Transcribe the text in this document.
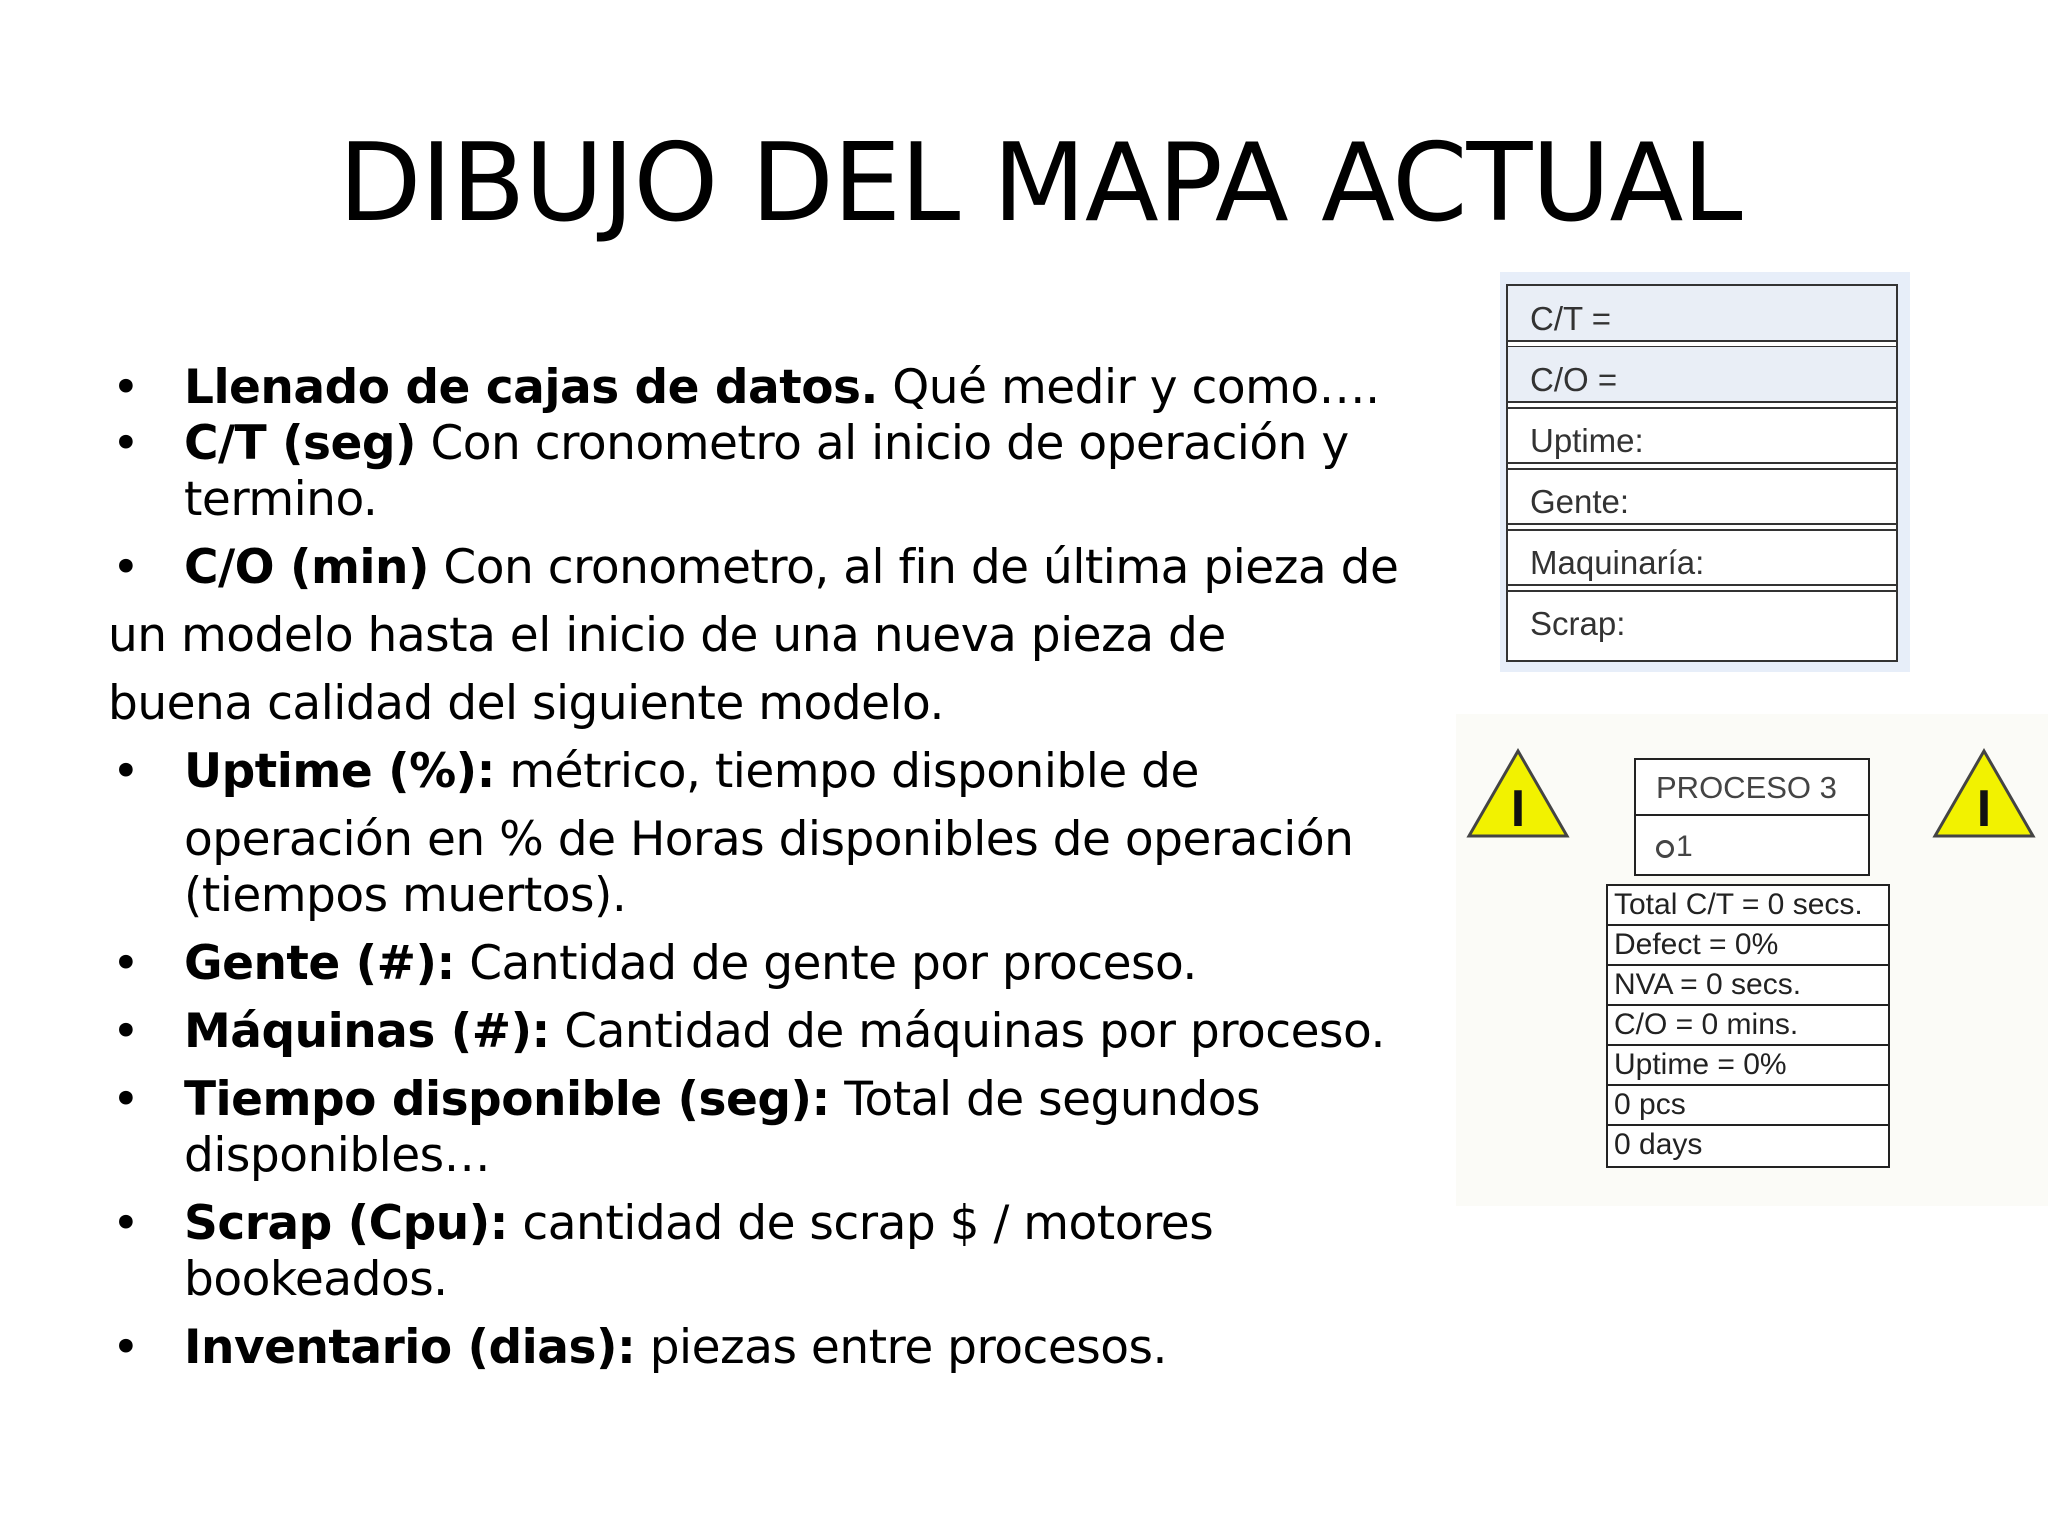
DIBUJO DEL MAPA ACTUAL
• Llenado de cajas de datos. Qué medir y como….
• C/T (seg) Con cronometro al inicio de operación y termino.
• C/O (min) Con cronometro, al fin de última pieza de
un modelo hasta el inicio de una nueva pieza de
buena calidad del siguiente modelo.
• Uptime (%): métrico, tiempo disponible de
operación en % de Horas disponibles de operación (tiempos muertos).
• Gente (#): Cantidad de gente por proceso.
• Máquinas (#): Cantidad de máquinas por proceso.
• Tiempo disponible (seg): Total de segundos disponibles…
• Scrap (Cpu): cantidad de scrap $ / motores bookeados.
• Inventario (dias): piezas entre procesos.
C/T =
C/O =
Uptime:
Gente:
Maquinaría:
Scrap:
I	I
PROCESO 3
1
Total C/T = 0 secs.
Defect = 0%
NVA = 0 secs.
C/O = 0 mins.
Uptime = 0%
0 pcs
0 days
